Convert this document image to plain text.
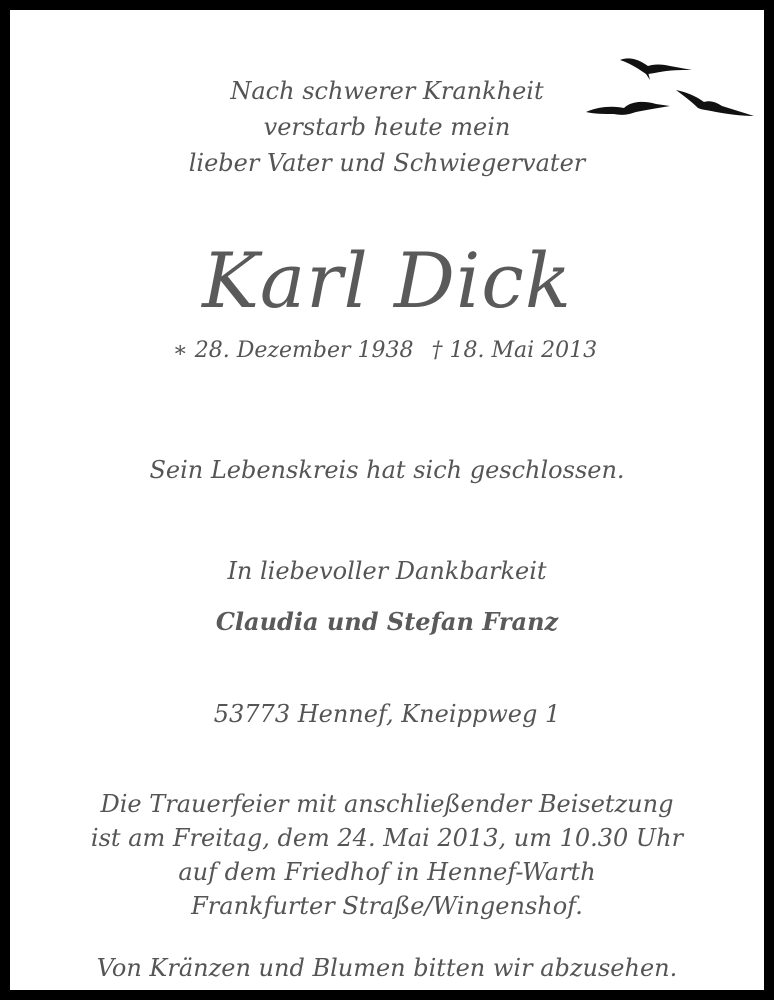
Nach schwerer Krankheit
verstarb heute mein
lieber Vater und Schwiegervater
Karl Dick
∗ 28. Dezember 1938 † 18. Mai 2013
Sein Lebenskreis hat sich geschlossen.
In liebevoller Dankbarkeit
Claudia und Stefan Franz
53773 Hennef, Kneippweg 1
Die Trauerfeier mit anschließender Beisetzung
ist am Freitag, dem 24. Mai 2013, um 10.30 Uhr
auf dem Friedhof in Hennef-Warth
Frankfurter Straße/Wingenshof.
Von Kränzen und Blumen bitten wir abzusehen.
